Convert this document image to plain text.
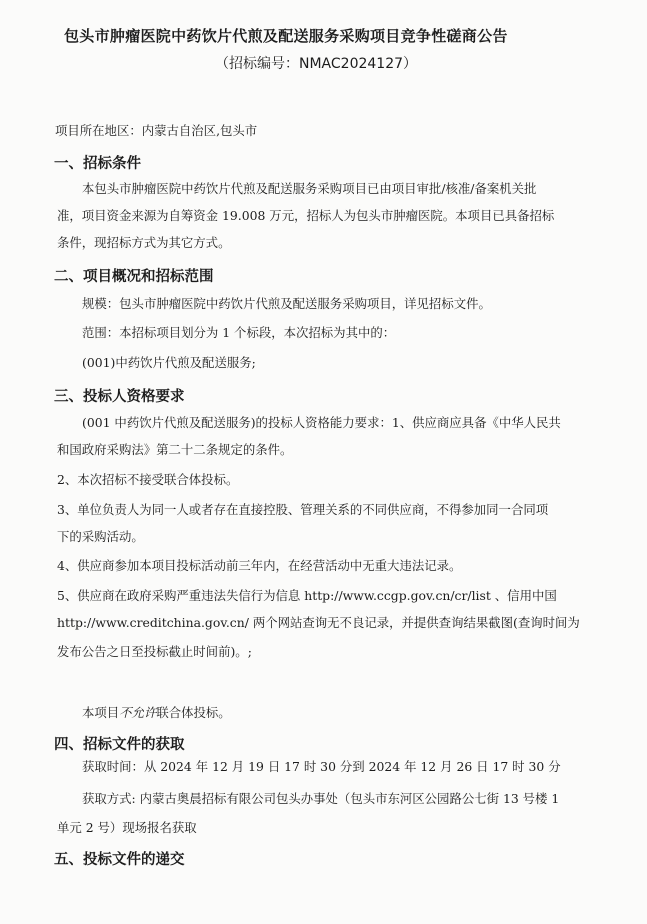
包头市肿瘤医院中药饮片代煎及配送服务采购项目竞争性磋商公告
（招标编号：NMAC2024127）
项目所在地区：内蒙古自治区,包头市
一、招标条件
本包头市肿瘤医院中药饮片代煎及配送服务采购项目已由项目审批/核准/备案机关批
准，项目资金来源为自筹资金 19.008 万元，招标人为包头市肿瘤医院。本项目已具备招标
条件，现招标方式为其它方式。
二、项目概况和招标范围
规模：包头市肿瘤医院中药饮片代煎及配送服务采购项目，详见招标文件。
范围：本招标项目划分为 1 个标段，本次招标为其中的：
(001)中药饮片代煎及配送服务;
三、投标人资格要求
(001 中药饮片代煎及配送服务)的投标人资格能力要求：1、供应商应具备《中华人民共
和国政府采购法》第二十二条规定的条件。
2、本次招标不接受联合体投标。
3、单位负责人为同一人或者存在直接控股、管理关系的不同供应商，不得参加同一合同项
下的采购活动。
4、供应商参加本项目投标活动前三年内，在经营活动中无重大违法记录。
5、供应商在政府采购严重违法失信行为信息 http://www.ccgp.gov.cn/cr/list 、信用中国
http://www.creditchina.gov.cn/ 两个网站查询无不良记录，并提供查询结果截图(查询时间为
发布公告之日至投标截止时间前)。;
本项目不允许联合体投标。
四、招标文件的获取
获取时间：从 2024 年 12 月 19 日 17 时 30 分到 2024 年 12 月 26 日 17 时 30 分
获取方式: 内蒙古奥晨招标有限公司包头办事处（包头市东河区公园路公七街 13 号楼 1
单元 2 号）现场报名获取
五、投标文件的递交
